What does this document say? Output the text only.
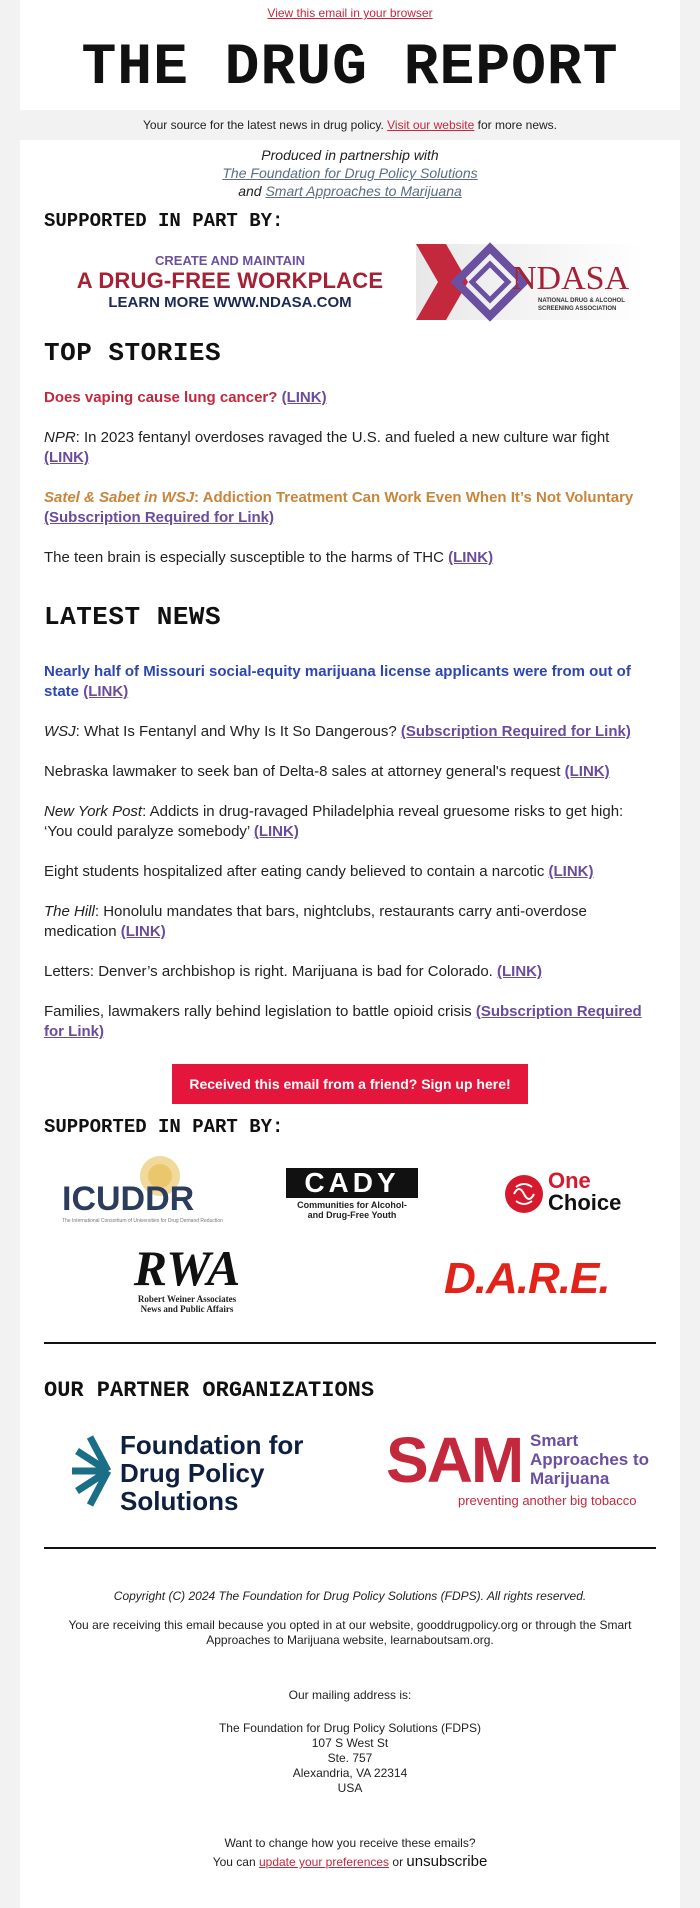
View this email in your browser
THE DRUG REPORT
Your source for the latest news in drug policy. Visit our website for more news.
Produced in partnership with
The Foundation for Drug Policy Solutions
and Smart Approaches to Marijuana
SUPPORTED IN PART BY:
CREATE AND MAINTAIN
A DRUG-FREE WORKPLACE
LEARN MORE WWW.NDASA.COM
NDASA
NATIONAL DRUG & ALCOHOL
SCREENING ASSOCIATION
TOP STORIES
Does vaping cause lung cancer? (LINK)
NPR: In 2023 fentanyl overdoses ravaged the U.S. and fueled a new culture war fight (LINK)
Satel & Sabet in WSJ: Addiction Treatment Can Work Even When It’s Not Voluntary (Subscription Required for Link)
The teen brain is especially susceptible to the harms of THC (LINK)
LATEST NEWS
Nearly half of Missouri social-equity marijuana license applicants were from out of state (LINK)
WSJ: What Is Fentanyl and Why Is It So Dangerous? (Subscription Required for Link)
Nebraska lawmaker to seek ban of Delta-8 sales at attorney general's request (LINK)
New York Post: Addicts in drug-ravaged Philadelphia reveal gruesome risks to get high: ‘You could paralyze somebody’ (LINK)
Eight students hospitalized after eating candy believed to contain a narcotic (LINK)
The Hill: Honolulu mandates that bars, nightclubs, restaurants carry anti-overdose medication (LINK)
Letters: Denver’s archbishop is right. Marijuana is bad for Colorado. (LINK)
Families, lawmakers rally behind legislation to battle opioid crisis (Subscription Required for Link)
Received this email from a friend? Sign up here!
SUPPORTED IN PART BY:
ICUDDR
The International Consortium of Universities for Drug Demand Reduction
CADY
Communities for Alcohol-
and Drug-Free Youth
One
Choice
RWA
Robert Weiner Associates
News and Public Affairs
D.A.R.E.
OUR PARTNER ORGANIZATIONS
Foundation for
Drug Policy
Solutions
SAM Smart
Approaches to
Marijuana
preventing another big tobacco
Copyright (C) 2024 The Foundation for Drug Policy Solutions (FDPS). All rights reserved.
You are receiving this email because you opted in at our website, gooddrugpolicy.org or through the Smart Approaches to Marijuana website, learnaboutsam.org.
Our mailing address is:
The Foundation for Drug Policy Solutions (FDPS)
107 S West St
Ste. 757
Alexandria, VA 22314
USA
Want to change how you receive these emails?
You can update your preferences or unsubscribe
